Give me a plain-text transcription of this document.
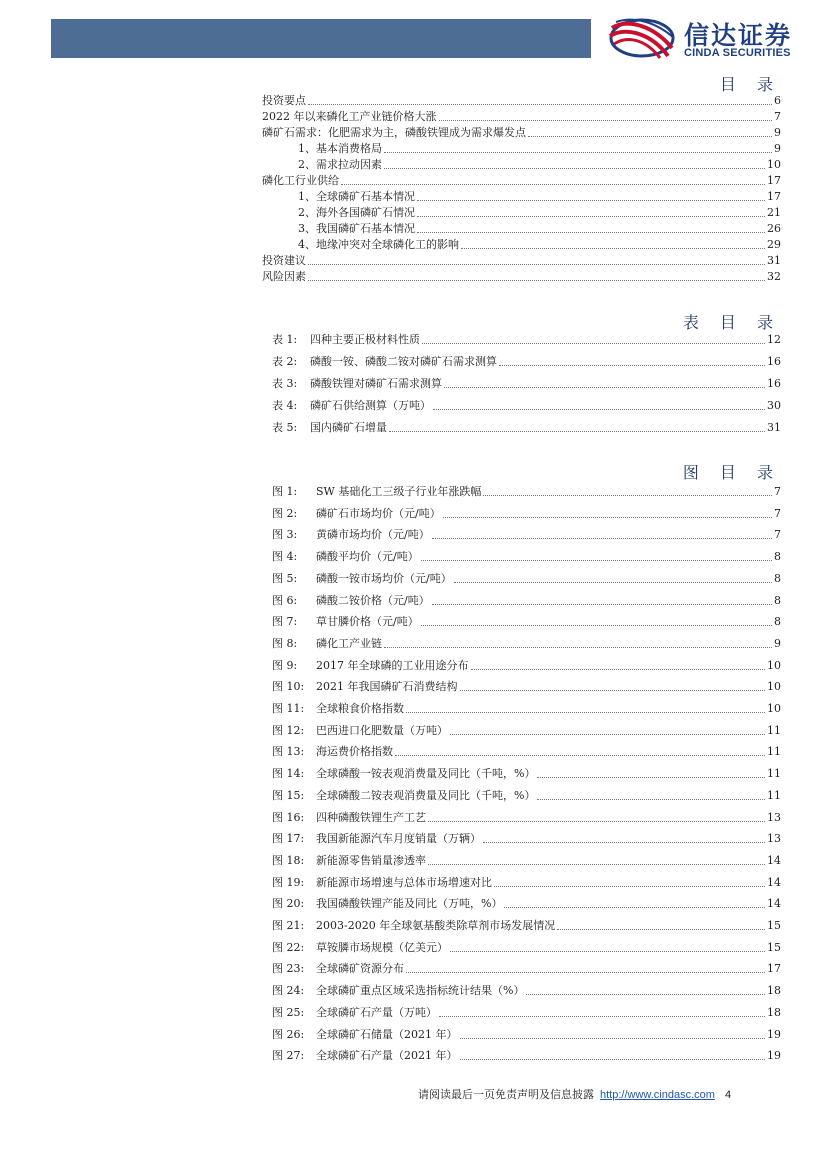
信达证券
CINDA SECURITIES
目 录
投资要点	6
2022 年以来磷化工产业链价格大涨	7
磷矿石需求：化肥需求为主，磷酸铁锂成为需求爆发点	9
1、基本消费格局	9
2、需求拉动因素	10
磷化工行业供给	17
1、全球磷矿石基本情况	17
2、海外各国磷矿石情况	21
3、我国磷矿石基本情况	26
4、地缘冲突对全球磷化工的影响	29
投资建议	31
风险因素	32
表 目 录
表 1:	四种主要正极材料性质	12
表 2:	磷酸一铵、磷酸二铵对磷矿石需求测算	16
表 3:	磷酸铁锂对磷矿石需求测算	16
表 4:	磷矿石供给测算（万吨）	30
表 5:	国内磷矿石增量	31
图 目 录
图 1:	SW 基础化工三级子行业年涨跌幅	7
图 2:	磷矿石市场均价（元/吨）	7
图 3:	黄磷市场均价（元/吨）	7
图 4:	磷酸平均价（元/吨）	8
图 5:	磷酸一铵市场均价（元/吨）	8
图 6:	磷酸二铵价格（元/吨）	8
图 7:	草甘膦价格（元/吨）	8
图 8:	磷化工产业链	9
图 9:	2017 年全球磷的工业用途分布	10
图 10:	2021 年我国磷矿石消费结构	10
图 11:	全球粮食价格指数	10
图 12:	巴西进口化肥数量（万吨）	11
图 13:	海运费价格指数	11
图 14:	全球磷酸一铵表观消费量及同比（千吨，%）	11
图 15:	全球磷酸二铵表观消费量及同比（千吨，%）	11
图 16:	四种磷酸铁锂生产工艺	13
图 17:	我国新能源汽车月度销量（万辆）	13
图 18:	新能源零售销量渗透率	14
图 19:	新能源市场增速与总体市场增速对比	14
图 20:	我国磷酸铁锂产能及同比（万吨，%）	14
图 21:	2003-2020 年全球氨基酸类除草剂市场发展情况	15
图 22:	草铵膦市场规模（亿美元）	15
图 23:	全球磷矿资源分布	17
图 24:	全球磷矿重点区域采选指标统计结果（%）	18
图 25:	全球磷矿石产量（万吨）	18
图 26:	全球磷矿石储量（2021 年）	19
图 27:	全球磷矿石产量（2021 年）	19
请阅读最后一页免责声明及信息披露 http://www.cindasc.com 4
